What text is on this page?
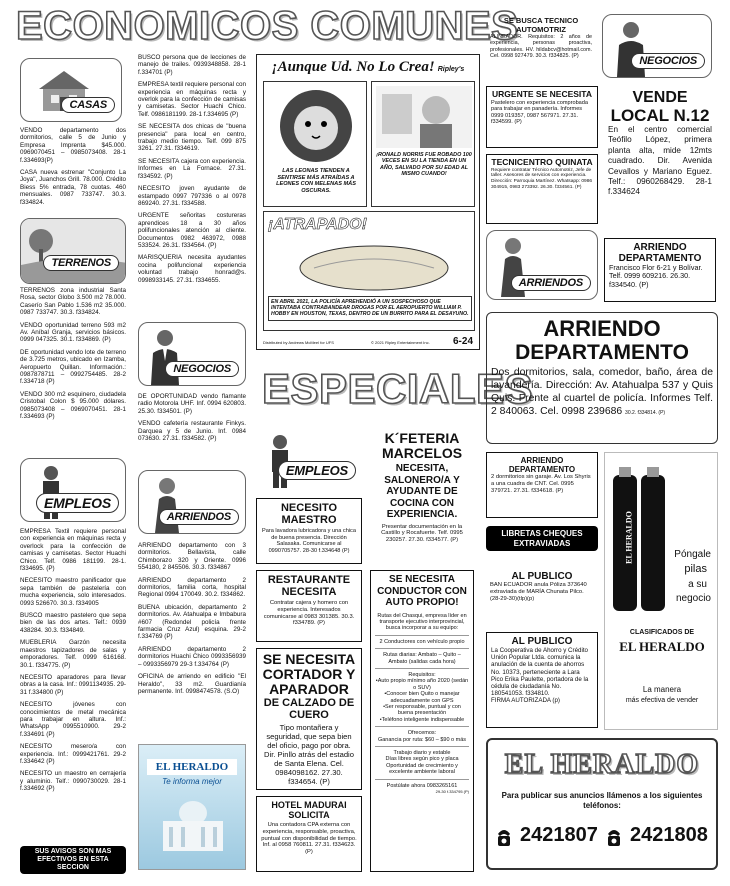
ECONOMICOS COMUNES
CASAS

VENDO departamento dos dormitorios, calle 5 de Junio y Empresa Imprenta $45.000. 0969070451 – 0985073408. 28-1 f.334693(P)

CASA nueva estrenar "Conjunto La Joya", Juanchos Grill. 78.000. Crédito Biess 5% entrada, 78 cuotas. 460 mensuales. 0987 733747. 30.3. f334824.

TERRENOS

TERRENOS zona industrial Santa Rosa, sector Globo 3.500 m2 78.000. Caserío San Pablo 1.536 m2 35.000. 0987 733747. 30.3. f334824.

VENDO oportunidad terreno 593 m2 Av. Aníbal Granja, servicios básicos. 0999 047325. 30.1. f334869. (P)

DE oportunidad vendo lote de terreno de 3.725 metros, ubicado en Izamba, Aeropuerto Quillan. Información.: 0987878711 – 0992754485. 28-2 f.334718 (P)

VENDO 300 m2 esquinero, ciudadela Cristobal Colon $ 95.000 dólares. 0985073408 – 0969070451. 28-1 f.334693 (P)

EMPLEOS

EMPRESA Textil requiere personal con experiencia en máquinas recta y overlock para la confección de camisas y camisetas. Sector Huachi Chico. Telf. 0986 181199. 28-1. f334695. (P)

NECESITO maestro panificador que sepa también de pastelería con mucha experiencia, solo interesados. 0993 526670. 30.3. f334905

BUSCO maestro pastelero que sepa bien de las dos artes. Telf.: 0939 438284. 30.3. f334849.

MUEBLERIA Garzón necesita maestros tapizadores de salas y emporadores. Telf. 0999 616168. 30.1. f334775. (P)

NECESITO aparadores para llevar obras a la casa. Inf.: 0991134935. 29-31 f.334800 (P)

NECESITO jóvenes con conocimientos de metal mecánica para trabajar en altura. Inf.: WhatsApp 0995510900. 29-2 f.334691 (P)

NECESITO mesero/a con experiencia. Inf.: 0999421761. 29-2 f.334642 (P)

NECESITO un maestro en cerrajería y aluminio. Telf.: 0990730029. 28-1 f.334692 (P)

SUS AVISOS SON MAS EFECTIVOS EN ESTA SECCION

BUSCO persona que de lecciones de manejo de trailes. 0939348858. 28-1 f.334701 (P)

EMPRESA textil requiere personal con experiencia en máquinas recta y overlok para la confección de camisas y camisetas. Sector Huachi Chico. Telf. 0986181199. 28-1 f.334695 (P)

SE NECESITA dos chicas de "buena presencia" para local en centro, trabajo medio tiempo. Telf. 099 875 3261. 27.31. f334619.

SE NECESITA cajera con experiencia. Informes en La Fornace. 27.31. f334592. (P)

NECESITO joven ayudante de estampado 0997 797336 o al 0978 869240. 27.31. f334588.

URGENTE señoritas costureras aprendices 18 a 30 años polifuncionales atención al cliente. Documentos 0982 463972, 0988 533524. 26.31. f334564. (P)

MARISQUERIA necesita ayudantes cocina polifuncional experiencia voluntad trabajo honrad@s. 0998933145. 27.31. f334655.

NEGOCIOS

DE OPORTUNIDAD vendo flamante radio Motorola UHF. Inf. 0994 620803. 25.30. f334501. (P)

VENDO cafetería restaurante Finkys. Darquea y 5 de Junio. Inf. 0984 073630. 27.31. f334582. (P)

ARRIENDOS

ARRIENDO departamento con 3 dormitorios. Bellavista, calle Chimborazo 320 y Oriente. 0996 554180, 2 845506. 30.3. f334867

ARRIENDO departamento 2 dormitorios, familia corta, hospital Regional 0994 170049. 30.2. f334862.

BUENA ubicación, departamento 2 dormitorios. Av. Atahualpa e Imbabura #607 (Redondel policía frente farmacia Cruz Azul) esquina. 29-2 f.334769 (P)

ARRIENDO departamento 2 dormitorios Huachi Chico 0993356939 – 0993356979 29-3 f.334764 (P)

OFICINA de arriendo en edificio "El Heraldo", 33 m2. Guardianía permanente. Inf. 0998474578. (S.O)

EL HERALDO
Te informa mejor
¡Aunque Ud. No Lo Crea! Ripley's
LAS LEONAS TIENDEN A SENTIRSE MÁS ATRAÍDAS A LEONES CON MELENAS MÁS OSCURAS.
¡RONALD NORRIS FUE ROBADO 100 VECES EN SU LA TIENDA EN UN AÑO, SALVADO POR SU EDAD AL MISMO CUANDO!
¡ATRAPADO!
EN ABRIL 2021, LA POLICÍA APREHENDIÓ A UN SOSPECHOSO QUE INTENTABA CONTRABANDEAR DROGAS POR EL AEROPUERTO WILLIAM P. HOBBY EN HOUSTON, TEXAS, DENTRO DE UN BURRITO PARA EL DESAYUNO.
Distributed by Andrews McMeel for UFS	© 2021 Ripley Entertainment Inc. 6-24
ESPECIALES
EMPLEOS
NECESITO MAESTRO
Para lavadora lubricadora y una chica de buena presencia. Dirección Salasaka. Comunicarse al 0990705757. 28-30 f.334648 (P)
RESTAURANTE NECESITA
Contratar cajera y homero con experiencia. Interesados comunicarse al 0983 301385. 30.3. f334789. (P)
SE NECESITA CORTADOR Y APARADOR
DE CALZADO DE CUERO
Tipo montañera y seguridad, que sepa bien del oficio, pago por obra. Dir. Pinllo atrás del estadio de Santa Elena. Cel. 0984098162. 27.30. f334654. (P)
HOTEL MADURAI SOLICITA
Una contadora CPA externa con experiencia, responsable, proactiva, puntual con disponibilidad de tiempo. Inf. al 0958 760811. 27.31. f334623. (P)
K´FETERIA MARCELOS
NECESITA, SALONERO/A Y AYUDANTE DE COCINA CON EXPERIENCIA.
Presentar documentación en la Castillo y Rocafuerte. Telf. 0995 230257. 27.30. f334577. (P)
SE NECESITA CONDUCTOR CON AUTO PROPIO!
Rutas del Chasqui, empresa líder en transporte ejecutivo interprovincial, busca incorporar a su equipo:
2 Conductores con vehículo propio
Rutas diarias: Ambato – Quito – Ambato (salidas cada hora)
Requisitos:
•Auto propio mínimo año 2020 (sedán o SUV)
•Conocer bien Quito o manejar adecuadamente con GPS
•Ser responsable, puntual y con buena presentación
•Teléfono inteligente indispensable
Ofrecemos:
Ganancia por ruta: $60 – $90 o más
Trabajo diario y estable
Días libres según pico y placa
Oportunidad de crecimiento y excelente ambiente laboral
Postúlate ahora 0983265161
29-30 f.334795 (P)
SE BUSCA TECNICO AUTOMOTRIZ
ALINEADOR. Requisitos: 2 años de experiencia, personas proactiva, profesionales. HV. hildabcv@hotmail.com. Cel. 0998 927479. 30.3. f334825. (P)	NEGOCIOS
URGENTE SE NECESITA
Pastelero con experiencia comprobada para trabajar en panadería. Informes 0999 019357, 0987 567971. 27.31. f334599. (P)
TECNICENTRO QUINATA
Requiere contratar Técnico Automotriz, Jefe de taller. Asesores de servicios con experiencia. Dirección: Parroquia Martínez. Whatsapp: 0986 304915, 0983 273392. 26.30. f334561. (P)
ARRIENDOS
VENDE
LOCAL N.12
En el centro comercial Teófilo López, primera planta alta, mide 12mts cuadrado. Dir. Avenida Cevallos y Mariano Eguez. Telf.: 0960268429. 28-1 f.334624
ARRIENDO DEPARTAMENTO
Francisco Flor 6-21 y Bolívar. Telf. 0999 609216. 26.30. f334540. (P)
ARRIENDO
DEPARTAMENTO
Dos dormitorios, sala, comedor, baño, área de lavandería. Dirección: Av. Atahualpa 537 y Quis Quis. Frente al cuartel de policía. Informes Telf. 2 840063. Cel. 0998 239686 30.2. f334814. (P)
ARRIENDO DEPARTAMENTO
2 dormitorios sin garaje. Av. Los Shyris a una cuadra de CNT. Cel. 0995 379721. 27.31. f334618. (P)
LIBRETAS CHEQUES EXTRAVIADAS
AL PUBLICO
BAN ECUADOR anula Póliza 373640 extraviada de MARÍA Chunata Pilco. (28-29-30)(tlp)(p)
AL PUBLICO
La Cooperativa de Ahorro y Crédito Unión Popular Ltda. comunica la anulación de la cuenta de ahorros No. 10373, perteneciente a Lara Pico Erika Paulette, portadora de la cédula de ciudadanía No. 180541053. f334810.
FIRMA AUTORIZADA (p)
EL HERALDO	Póngale
pilas
a su
negocio
CLASIFICADOS DE
EL HERALDO
La manera
más efectiva de vender
EL HERALDO
Para publicar sus anuncios llámenos a los siguientes teléfonos:
2421807 2421808
